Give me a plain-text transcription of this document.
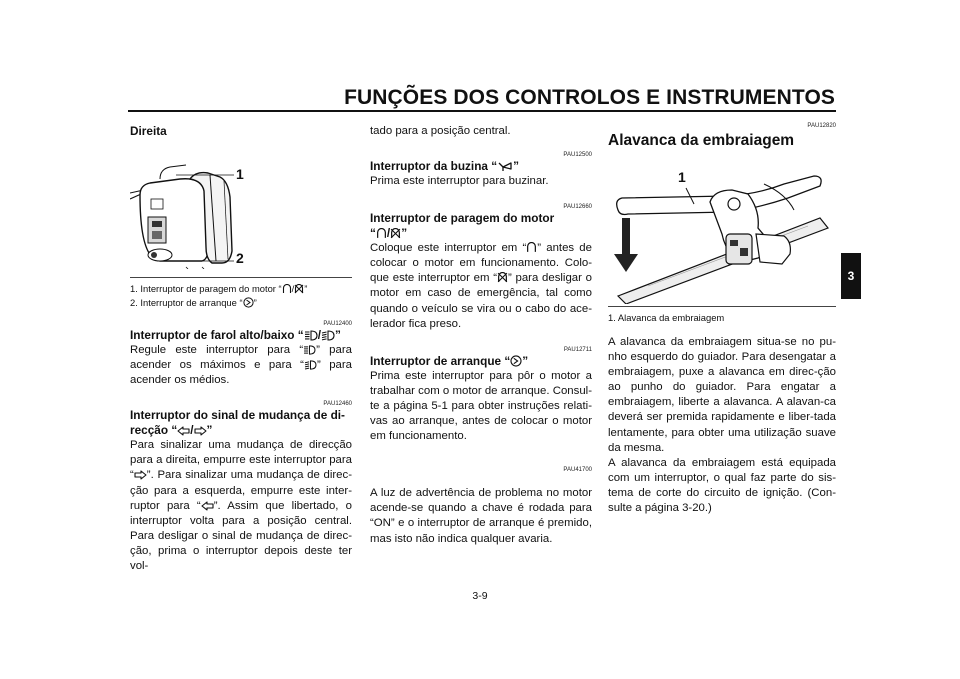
FUNÇÕES DOS CONTROLOS E INSTRUMENTOS
3
Direita
1
2
1. Interruptor de paragem do motor “ / ”
2. Interruptor de arranque “ ”
PAU12400
Interruptor de farol alto/baixo “ / ”

Regule este interruptor para “ ” para acender os máximos e para “ ” para acender os médios.

PAU12460
Interruptor do sinal de mudança de di-
recção “ / ”

Para sinalizar uma mudança de direcção para a direita, empurre este interruptor para “ ”. Para sinalizar uma mudança de direc-ção para a esquerda, empurre este inter-ruptor para “ ”. Assim que libertado, o interruptor volta para a posição central. Para desligar o sinal de mudança de direc-ção, prima o interruptor depois deste ter vol-

tado para a posição central.

PAU12500
Interruptor da buzina “ ”

Prima este interruptor para buzinar.

PAU12660
Interruptor de paragem do motor
“ / ”

Coloque este interruptor em “ ” antes de colocar o motor em funcionamento. Colo-que este interruptor em “ ” para desligar o motor em caso de emergência, tal como quando o veículo se vira ou o cabo do ace-lerador fica preso.

PAU12711
Interruptor de arranque “ ”

Prima este interruptor para pôr o motor a trabalhar com o motor de arranque. Consul-te a página 5-1 para obter instruções relati-vas ao arranque, antes de colocar o motor em funcionamento.

PAU41700

A luz de advertência de problema no motor acende-se quando a chave é rodada para “ON” e o interruptor de arranque é premido, mas isto não indica qualquer avaria.

PAU12820
Alavanca da embraiagem
1
1. Alavanca da embraiagem

A alavanca da embraiagem situa-se no pu-nho esquerdo do guiador. Para desengatar a embraiagem, puxe a alavanca em direc-ção ao punho do guiador. Para engatar a embraiagem, liberte a alavanca. A alavan-ca deverá ser premida rapidamente e liber-tada lentamente, para obter uma utilização suave da mesma.

A alavanca da embraiagem está equipada com um interruptor, o qual faz parte do sis-tema de corte do circuito de ignição. (Con-sulte a página 3-20.)

3-9
